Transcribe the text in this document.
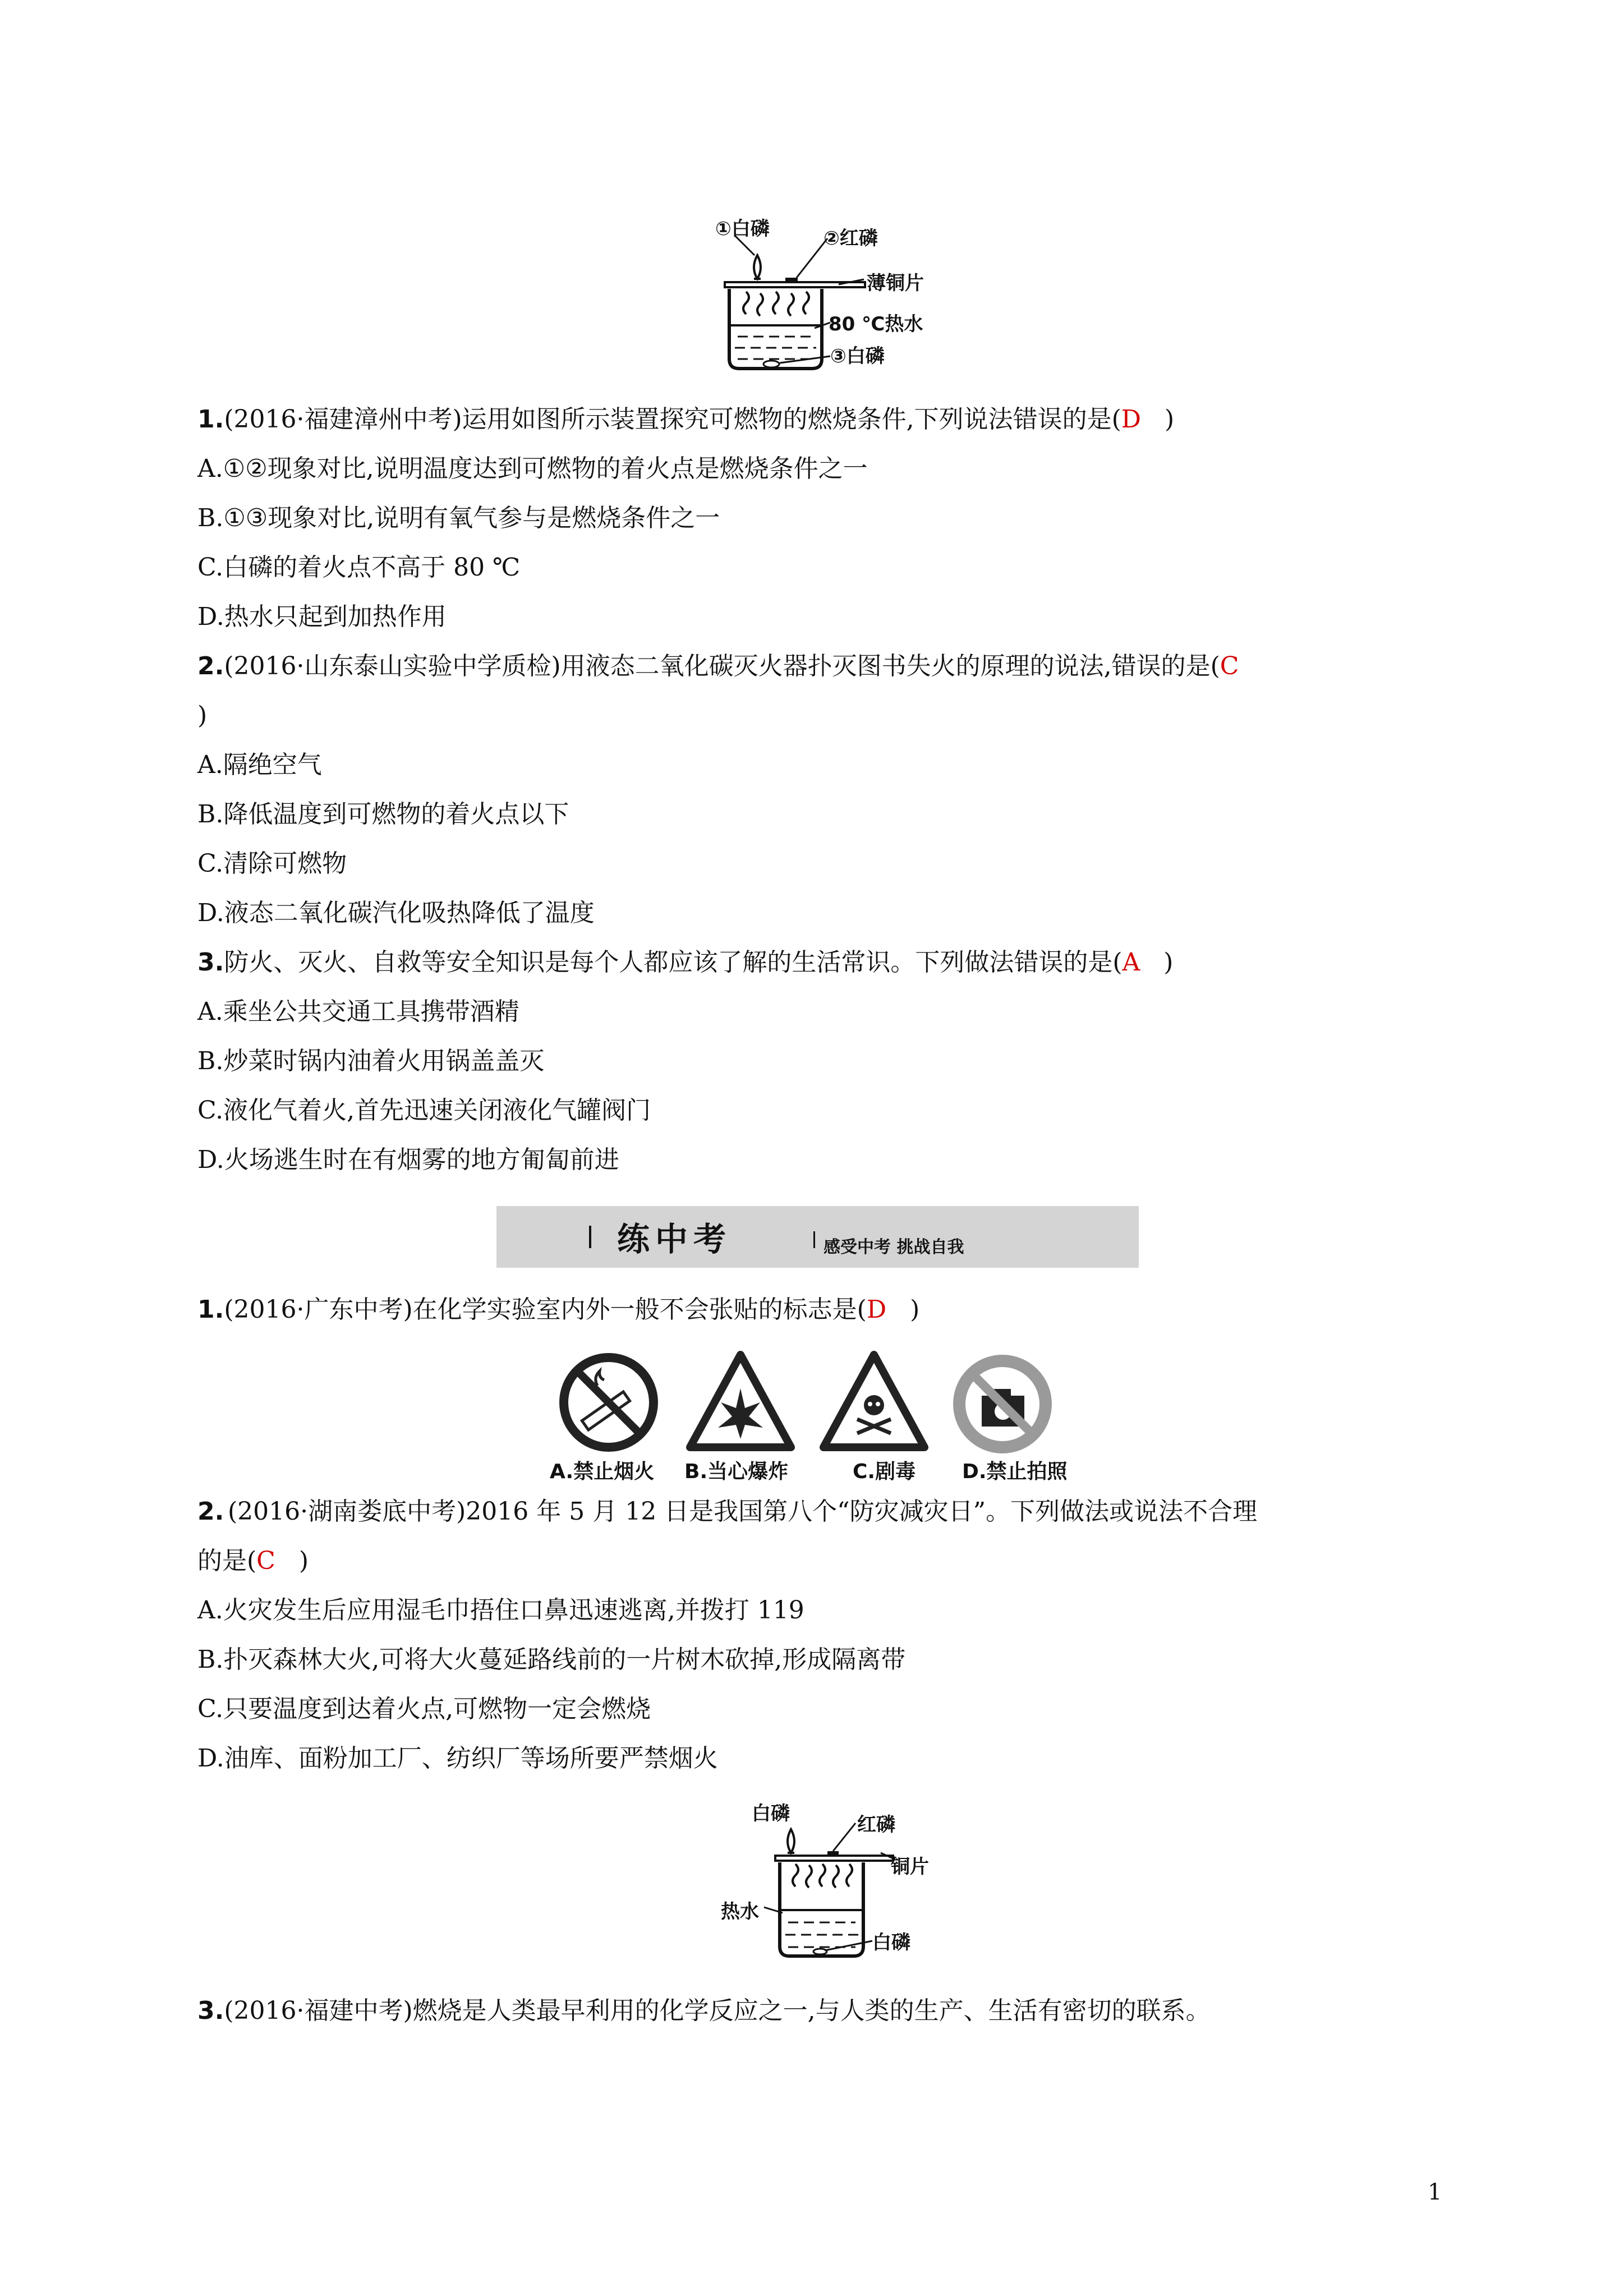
①白磷	②红磷
薄铜片
80 ℃热水
③白磷
1.(2016·福建漳州中考)运用如图所示装置探究可燃物的燃烧条件,下列说法错误的是(D )
A.①②现象对比,说明温度达到可燃物的着火点是燃烧条件之一
B.①③现象对比,说明有氧气参与是燃烧条件之一
C.白磷的着火点不高于 80 ℃
D.热水只起到加热作用
2.(2016·山东泰山实验中学质检)用液态二氧化碳灭火器扑灭图书失火的原理的说法,错误的是(C
)
A.隔绝空气
B.降低温度到可燃物的着火点以下
C.清除可燃物
D.液态二氧化碳汽化吸热降低了温度
3.防火、灭火、自救等安全知识是每个人都应该了解的生活常识。下列做法错误的是(A )
A.乘坐公共交通工具携带酒精
B.炒菜时锅内油着火用锅盖盖灭
C.液化气着火,首先迅速关闭液化气罐阀门
D.火场逃生时在有烟雾的地方匍匐前进
练中考	感受中考 挑战自我
1.(2016·广东中考)在化学实验室内外一般不会张贴的标志是(D )
A.禁止烟火 B.当心爆炸	C.剧毒 D.禁止拍照
(2016·湖南娄底中考)2016 年 5 月 12 日是我国第八个“防灾减灾日”。下列做法或说法不合理
2.
的是(C )
A.火灾发生后应用湿毛巾捂住口鼻迅速逃离,并拨打 119
B.扑灭森林大火,可将大火蔓延路线前的一片树木砍掉,形成隔离带
C.只要温度到达着火点,可燃物一定会燃烧
D.油库、面粉加工厂、纺织厂等场所要严禁烟火
白磷	红磷
铜片
热水
白磷
3.(2016·福建中考)燃烧是人类最早利用的化学反应之一,与人类的生产、生活有密切的联系。
1
